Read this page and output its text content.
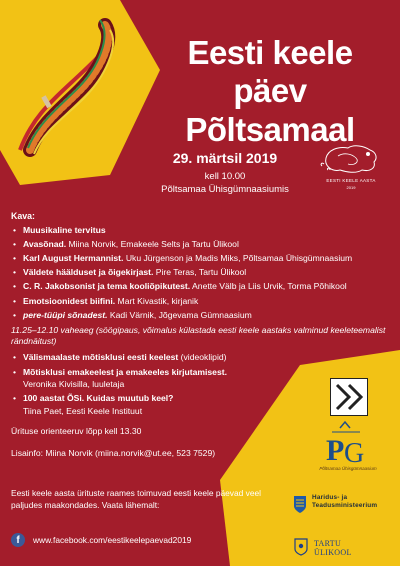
Eesti keele päev
Põltsamaal
29. märtsil 2019
kell 10.00
Põltsamaa Ühisgümnaasiumis
EESTI KEELE AASTA
2019
Kava:
• Muusikaline tervitus
• Avasõnad. Miina Norvik, Emakeele Selts ja Tartu Ülikool
• Karl August Hermannist. Uku Jürgenson ja Madis Miks, Põltsamaa Ühisgümnaasium
• Väldete häälduset ja õigekirjast. Pire Teras, Tartu Ülikool
• C. R. Jakobsonist ja tema kooliõpikutest. Anette Välb ja Liis Urvik, Torma Põhikool
• Emotsioonidest biifini. Mart Kivastik, kirjanik
• pere-tüüpi sõnadest. Kadi Värnik, Jõgevama Gümnaasium
11.25–12.10 vaheaeg (söögipaus, võimalus külastada eesti keele aastaks valminud keeleteemalist rändnäitust)
• Välismaalaste mõtisklusi eesti keelest (videoklipid)
• Mõtisklusi emakeelest ja emakeeles kirjutamisest.
Veronika Kivisilla, luuletaja
• 100 aastat ÕSi. Kuidas muutub keel?
Tiina Paet, Eesti Keele Instituut
Ürituse orienteeruv lõpp kell 13.30
Lisainfo: Miina Norvik (miina.norvik@ut.ee, 523 7529)
Eesti keele aasta ürituste raames toimuvad eesti keele päevad veel paljudes maakondades. Vaata lähemalt:
f	www.facebook.com/eestikeelepaevad2019
P G
Põltsamaa Ühisgümnaasium
Haridus- ja
Teadusministeerium
TARTU
ÜLIKOOL
